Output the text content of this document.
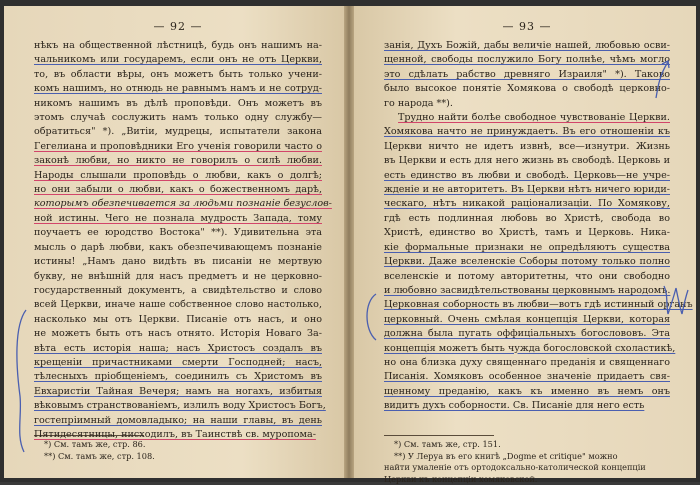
— 92 —
нѣкъ на общественной лѣстницѣ, будь онъ нашимъ на-
чальникомъ или государемъ, если онъ не отъ Церкви,
то, въ области вѣры, онъ можетъ быть только учени-
комъ нашимъ, но отнюдь не равнымъ намъ и не сотруд-
никомъ нашимъ въ дѣлѣ проповѣди. Онъ можетъ въ
этомъ случаѣ сослужить намъ только одну службу—
обратиться" *). „Витiи, мудрецы, испытатели закона
Гегелиана и проповѣдники Его ученiя говорили часто о
законѣ любви, но никто не говорилъ о силѣ любви.
Народы слышали проповѣдь о любви, какъ о долгѣ;
но они забыли о любви, какъ о божественномъ дарѣ,
которымъ обезпечивается за людьми познанiе безуслов-
ной истины. Чего не познала мудрость Запада, тому
поучаетъ ее юродство Востока" **). Удивительна эта
мысль о дарѣ любви, какъ обезпечивающемъ познанiе
истины! „Намъ дано видѣть въ писанiи не мертвую
букву, не внѣшнiй для насъ предметъ и не церковно-
государственный документъ, а свидѣтельство и слово
всей Церкви, иначе наше собственное слово настолько,
насколько мы отъ Церкви. Писанiе отъ насъ, и оно
не можетъ быть отъ насъ отнято. Исторiя Новаго За-
вѣта есть исторiя наша; насъ Христосъ создалъ въ
крещенiи причастниками смерти Господней; насъ,
тѣлесныхъ пріобщенiемъ, соединилъ съ Христомъ въ
Евхаристiи Тайная Вечеря; намъ на ногахъ, избитыя
вѣковымъ странствованiемъ, излилъ воду Христосъ Богъ,
гостепрiимный домовладыко; на наши главы, въ день
Пятидесятницы, нисходилъ, въ Таинствѣ св. муропома-
*) См. тамъ же, стр. 86.
**) См. тамъ же, стр. 108.
— 93 —
занiя, Духъ Божiй, дабы величiе нашей, любовью осви-
щенной, свободы послужило Богу полнѣе, чѣмъ могло
это сдѣлать рабство древняго Израиля" *). Таково
было высокое понятiе Хомякова о свободѣ церковно-
го народа **).
Трудно найти болѣе свободное чувствованiе Церкви.
Хомякова начто не принуждаетъ. Въ его отношенiи къ
Церкви ничто не идетъ извнѣ, все—изнутри. Жизнь
въ Церкви и есть для него жизнь въ свободѣ. Церковь и
есть единство въ любви и свободѣ. Церковь—не учре-
жденiе и не авторитетъ. Въ Церкви нѣтъ ничего юриди-
ческаго, нѣтъ никакой рацiонализацiи. По Хомякову,
гдѣ есть подлинная любовь во Христѣ, свобода во
Христѣ, единство во Христѣ, тамъ и Церковь. Ника-
кiе формальные признаки не опредѣляютъ существа
Церкви. Даже вселенскiе Соборы потому только полно
вселенскiе и потому авторитетны, что они свободно
и любовно засвидѣтельствованы церковнымъ народомъ.
Церковная соборность въ любви—вотъ гдѣ истинный органъ
церковный. Очень смѣлая концепцiя Церкви, которая
должна была пугать оффицiальныхъ богослововъ. Эта
концепцiя можетъ быть чужда богословской схоластикѣ,
но она близка духу священнаго преданiя и священнаго
Писанiя. Хомяковъ особенное значенiе придаетъ свя-
щенному преданiю, какъ къ именно въ немъ онъ
видитъ духъ соборности. Св. Писанiе для него есть
*) См. тамъ же, стр. 151.
**) У Леруа въ его книгѣ „Dogme et critique" можно
найти умаленiе отъ ортодоксально-католической концепцiи
Церкви къ концепцiи хомяковской.
